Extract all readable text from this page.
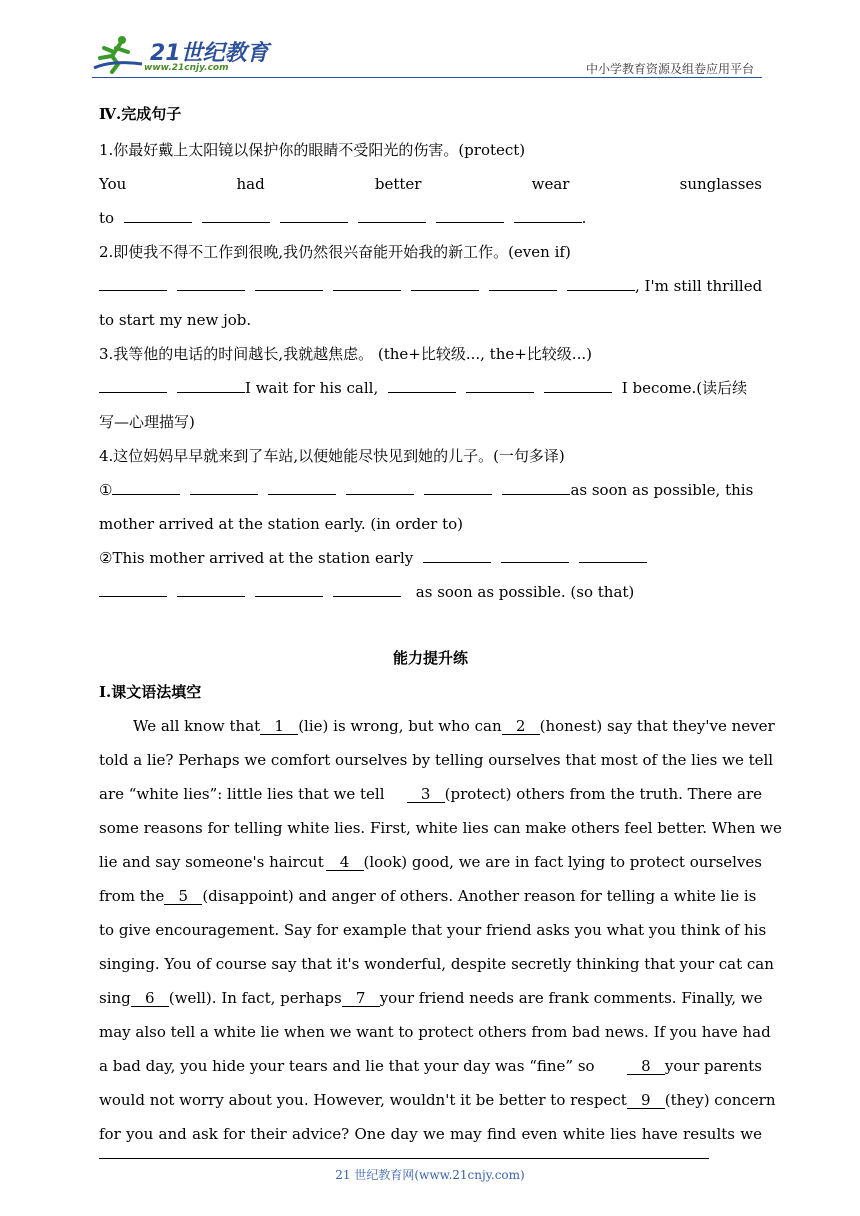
21世纪教育
www.21cnjy.com	中小学教育资源及组卷应用平台
Ⅳ.完成句子
1.你最好戴上太阳镜以保护你的眼睛不受阳光的伤害。(protect)
You	had	better	wear	sunglasses
to	.
2.即使我不得不工作到很晚,我仍然很兴奋能开始我的新工作。(even if)
, I'm still thrilled
to start my new job.
3.我等他的电话的时间越长,我就越焦虑。 (the+比较级..., the+比较级...)
I wait for his call,	I become.(读后续
写—心理描写)
4.这位妈妈早早就来到了车站,以便她能尽快见到她的儿子。(一句多译)
①	as soon as possible, this
mother arrived at the station early. (in order to)
②This mother arrived at the station early
as soon as possible. (so that)
能力提升练
Ⅰ.课文语法填空
We all know that 1 (lie) is wrong, but who can 2 (honest) say that they've never
told a lie? Perhaps we comfort ourselves by telling ourselves that most of the lies we tell
are “white lies”: little lies that we tell	3 (protect) others from the truth. There are
some reasons for telling white lies. First, white lies can make others feel better. When we
lie and say someone's haircut	4 (look) good, we are in fact lying to protect ourselves
from the 5 (disappoint) and anger of others. Another reason for telling a white lie is
to give encouragement. Say for example that your friend asks you what you think of his
singing. You of course say that it's wonderful, despite secretly thinking that your cat can
sing 6 (well). In fact, perhaps 7 your friend needs are frank comments. Finally, we
may also tell a white lie when we want to protect others from bad news. If you have had
a bad day, you hide your tears and lie that your day was “fine” so	8 your parents
would not worry about you. However, wouldn't it be better to respect 9 (they) concern
for you and ask for their advice? One day we may find even white lies have results we
21 世纪教育网(www.21cnjy.com)
